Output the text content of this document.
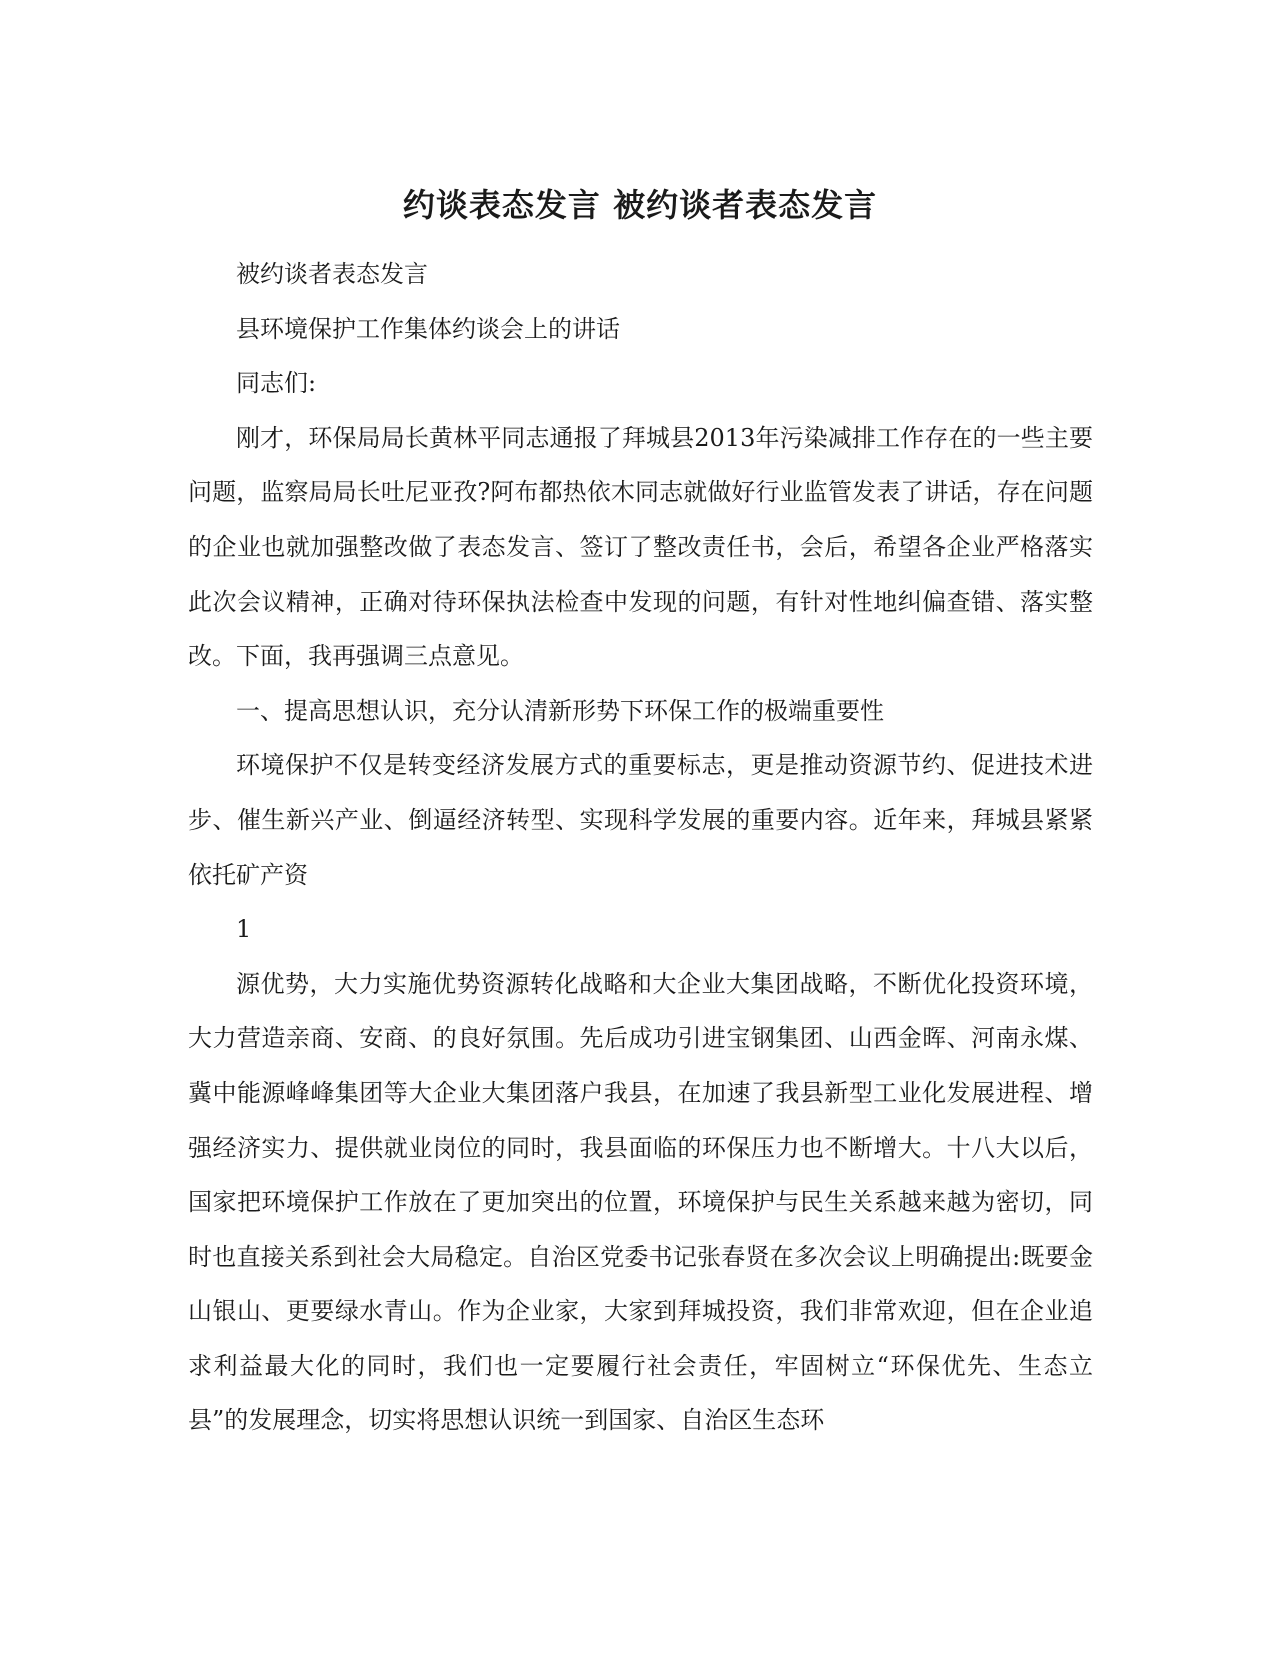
约谈表态发言 被约谈者表态发言

被约谈者表态发言

县环境保护工作集体约谈会上的讲话

同志们:

刚才，环保局局长黄林平同志通报了拜城县2013年污染减排工作存在的一些主要问题，监察局局长吐尼亚孜?阿布都热依木同志就做好行业监管发表了讲话，存在问题的企业也就加强整改做了表态发言、签订了整改责任书，会后，希望各企业严格落实此次会议精神，正确对待环保执法检查中发现的问题，有针对性地纠偏查错、落实整改。下面，我再强调三点意见。

一、提高思想认识，充分认清新形势下环保工作的极端重要性

环境保护不仅是转变经济发展方式的重要标志，更是推动资源节约、促进技术进步、催生新兴产业、倒逼经济转型、实现科学发展的重要内容。近年来，拜城县紧紧依托矿产资

1

源优势，大力实施优势资源转化战略和大企业大集团战略，不断优化投资环境，大力营造亲商、安商、的良好氛围。先后成功引进宝钢集团、山西金晖、河南永煤、冀中能源峰峰集团等大企业大集团落户我县，在加速了我县新型工业化发展进程、增强经济实力、提供就业岗位的同时，我县面临的环保压力也不断增大。十八大以后，国家把环境保护工作放在了更加突出的位置，环境保护与民生关系越来越为密切，同时也直接关系到社会大局稳定。自治区党委书记张春贤在多次会议上明确提出:既要金山银山、更要绿水青山。作为企业家，大家到拜城投资，我们非常欢迎，但在企业追求利益最大化的同时，我们也一定要履行社会责任，牢固树立“环保优先、生态立县”的发展理念，切实将思想认识统一到国家、自治区生态环
